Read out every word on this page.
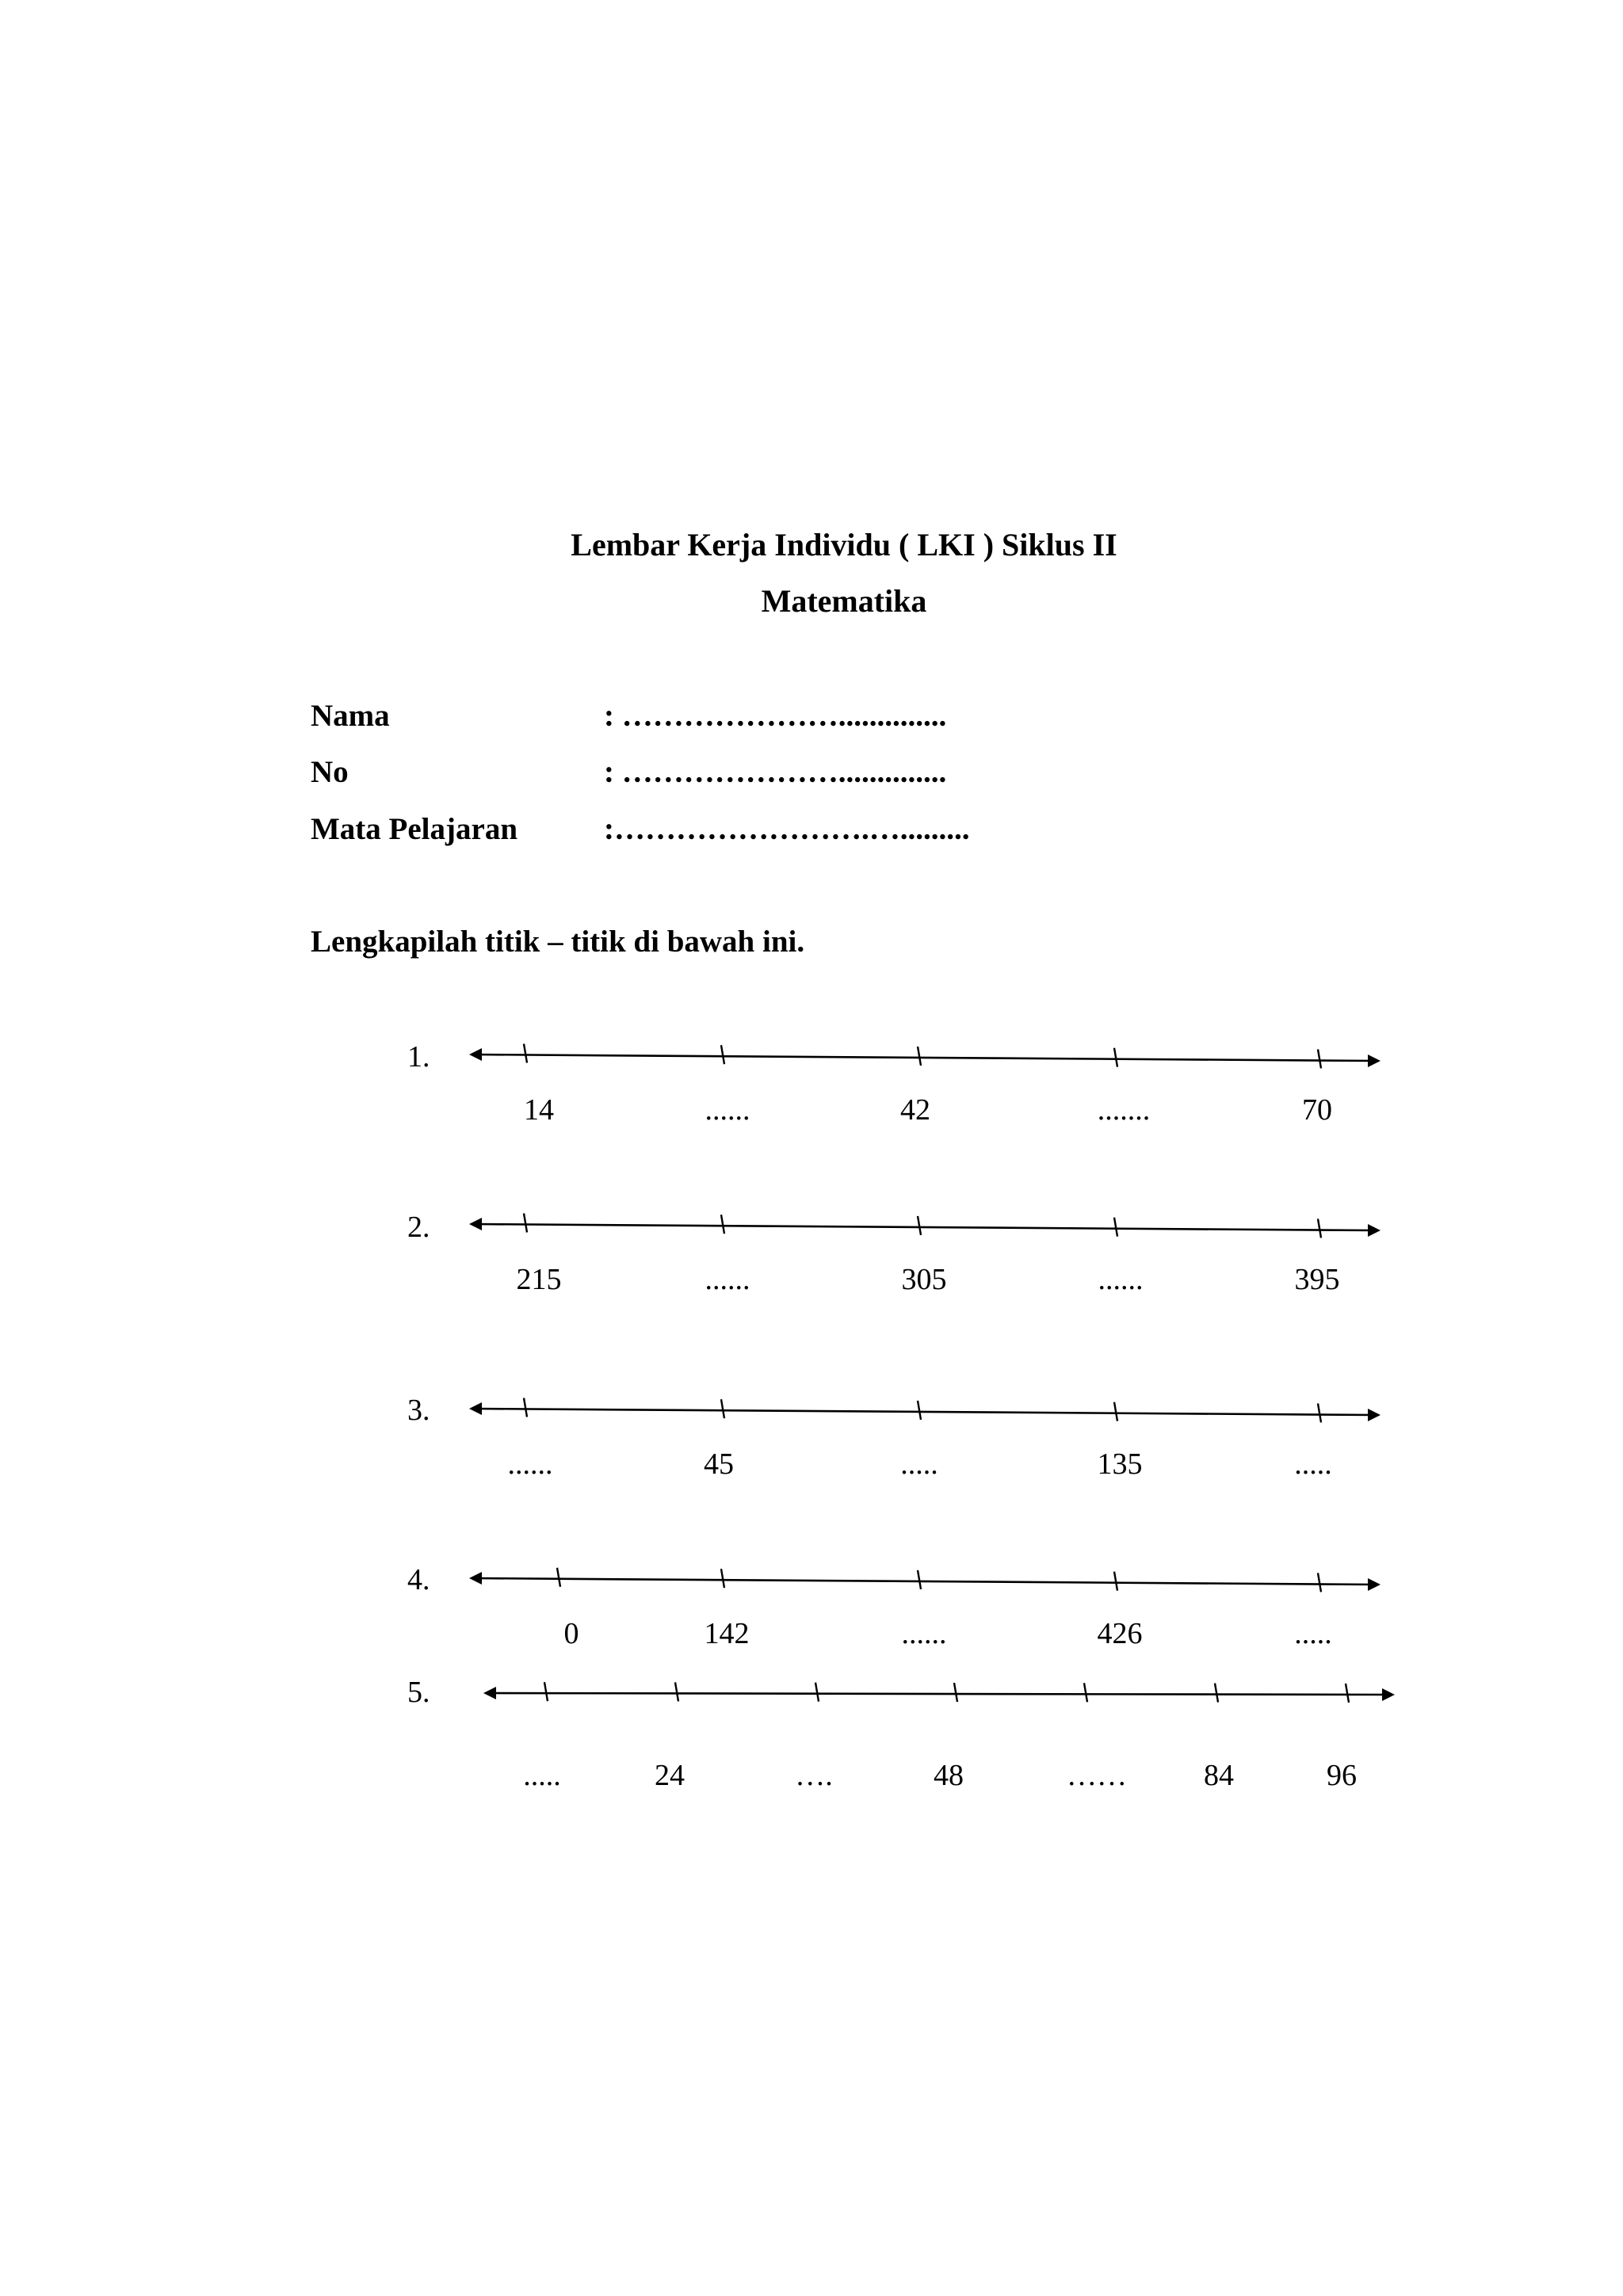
Lembar Kerja Individu ( LKI ) Siklus II
Matematika
Nama	: …………………..............
No	: …………………..............
Mata Pelajaran	:…………………….….........

Lengkapilah titik – titik di bawah ini.

1.
2.
3.
4.
5.
14	......	42	.......	70
215	......	305	......	395
......	45	.....	135	.....
0	142	......	426	.....
.....	24	….	48	……	84	96
